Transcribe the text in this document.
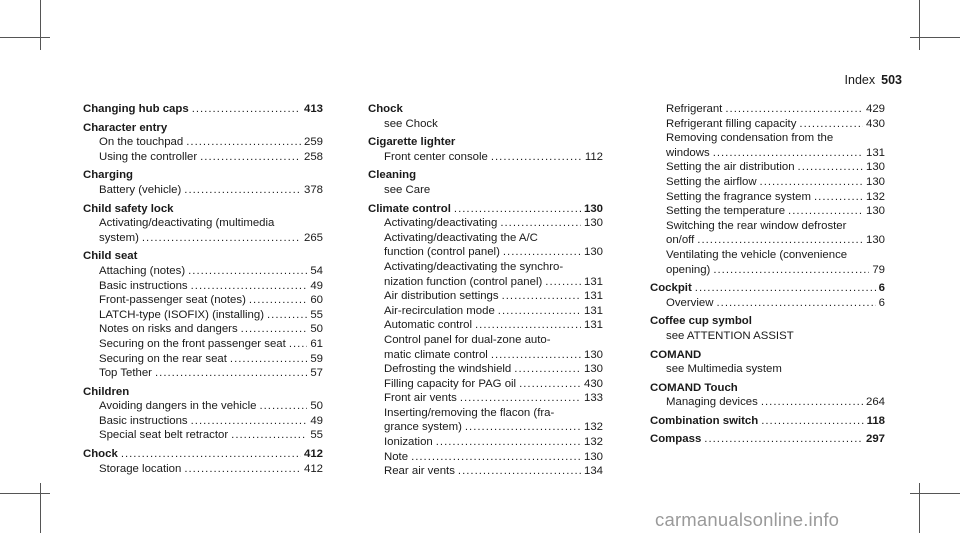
Index 503
Changing hub caps .....	413
Character entry
On the touchpad .....	259
Using the controller .....	258
Charging
Battery (vehicle) .....	378
Child safety lock
Activating/deactivating (multimedia
system) .....	265
Child seat
Attaching (notes) .....	54
Basic instructions .....	49
Front-passenger seat (notes) .....	60
LATCH-type (ISOFIX) (installing) .....	55
Notes on risks and dangers .....	50
Securing on the front passenger seat ..... 61
Securing on the rear seat .....	59
Top Tether .....	57
Children
Avoiding dangers in the vehicle .....	50
Basic instructions .....	49
Special seat belt retractor .....	55
Chock .....	412
Storage location .....	412
Chock
see Chock
Cigarette lighter
Front center console .....	112
Cleaning
see Care
Climate control .....	130
Activating/deactivating .....	130
Activating/deactivating the A/C
function (control panel) .....	130
Activating/deactivating the synchro-
nization function (control panel) .....	131
Air distribution settings .....	131
Air-recirculation mode .....	131
Automatic control .....	131
Control panel for dual-zone auto-
matic climate control .....	130
Defrosting the windshield .....	130
Filling capacity for PAG oil .....	430
Front air vents .....	133
Inserting/removing the flacon (fra-
grance system) .....	132
Ionization .....	132
Note .....	130
Rear air vents .....	134
Refrigerant .....	429
Refrigerant filling capacity .....	430
Removing condensation from the
windows .....	131
Setting the air distribution .....	130
Setting the airflow .....	130
Setting the fragrance system .....	132
Setting the temperature .....	130
Switching the rear window defroster
on/off .....	130
Ventilating the vehicle (convenience
opening) .....	79
Cockpit .....	6
Overview .....	6
Coffee cup symbol
see ATTENTION ASSIST
COMAND
see Multimedia system
COMAND Touch
Managing devices .....	264
Combination switch .....	118
Compass .....	297
carmanualsonline.info
